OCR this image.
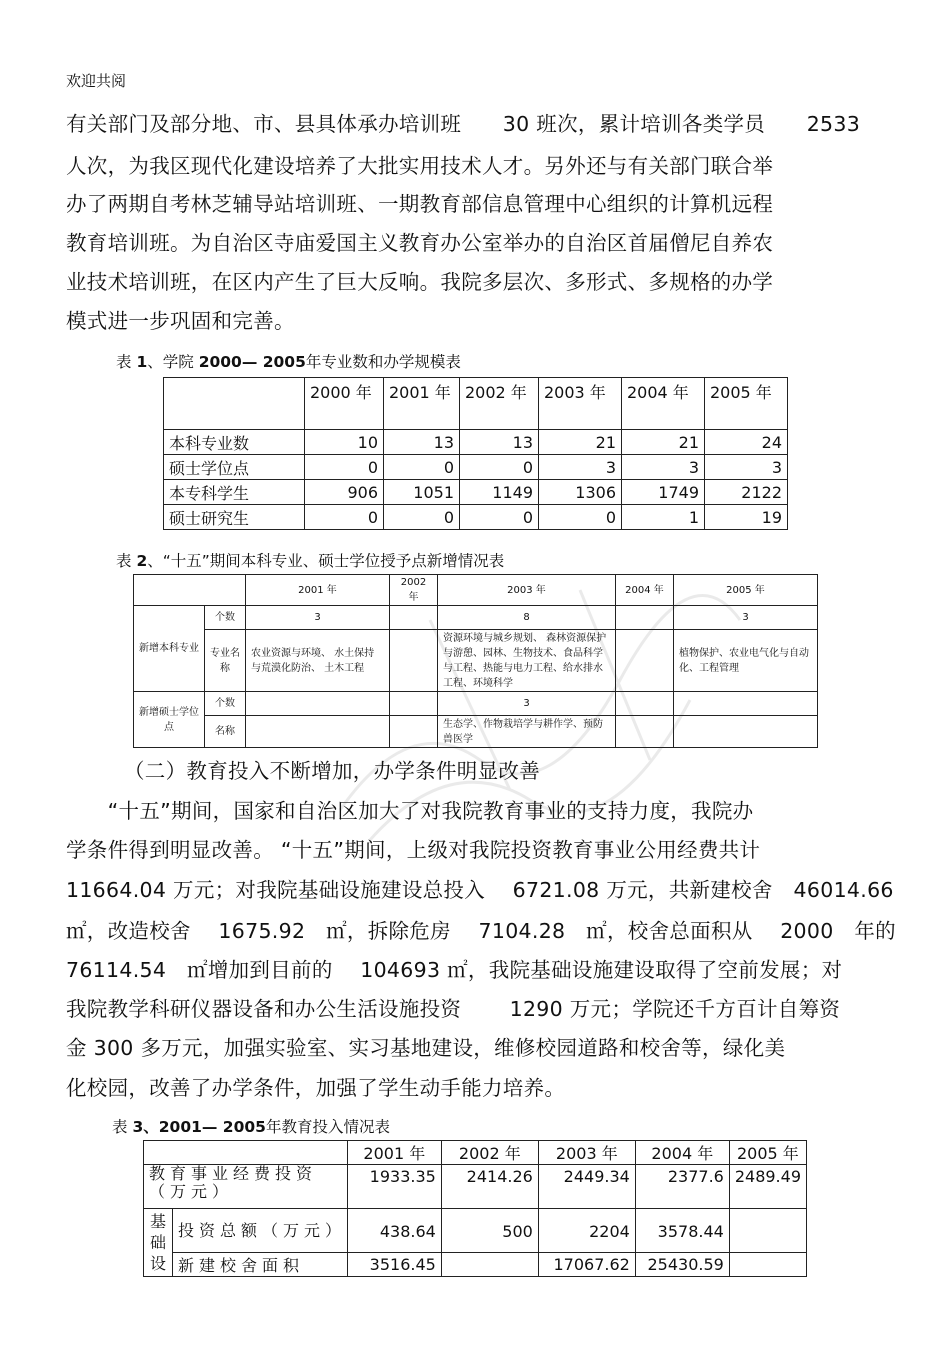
欢迎共阅
有关部门及部分地、市、县具体承办培训班　　30 班次，累计培训各类学员　　2533
人次，为我区现代化建设培养了大批实用技术人才。另外还与有关部门联合举
办了两期自考林芝辅导站培训班、一期教育部信息管理中心组织的计算机远程
教育培训班。为自治区寺庙爱国主义教育办公室举办的自治区首届僧尼自养农
业技术培训班，在区内产生了巨大反响。我院多层次、多形式、多规格的办学
模式进一步巩固和完善。
表 1、学院 2000— 2005年专业数和办学规模表
	2000 年	2001 年	2002 年	2003 年	2004 年	2005 年
本科专业数	10	13	13	21	21	24
硕士学位点	0	0	0	3	3	3
本专科学生	906	1051	1149	1306	1749	2122
硕士研究生	0	0	0	0	1	19
表 2、“十五”期间本科专业、硕士学位授予点新增情况表
		2001 年	2002 年	2003 年	2004 年	2005 年
新增本科专业	个数	3		8		3
	专业名称	农业资源与环境、 水土保持与荒漠化防治、 土木工程		资源环境与城乡规划、 森林资源保护与游憩、园林、生物技术、食品科学与工程、热能与电力工程、给水排水工程、环境科学		植物保护、农业电气化与自动化、工程管理
新增硕士学位点	个数			3		
	名称			生态学、作物栽培学与耕作学、预防兽医学		
（二）教育投入不断增加，办学条件明显改善
　　“十五”期间，国家和自治区加大了对我院教育事业的支持力度，我院办
学条件得到明显改善。 “十五”期间，上级对我院投资教育事业公用经费共计
11664.04 万元；对我院基础设施建设总投入　 6721.08 万元，共新建校舍　46014.66
㎡，改造校舍　 1675.92　㎡，拆除危房　 7104.28　㎡，校舍总面积从　 2000　年的
76114.54　㎡增加到目前的　 104693 ㎡，我院基础设施建设取得了空前发展；对
我院教学科研仪器设备和办公生活设施投资　　 1290 万元；学院还千方百计自筹资
金 300 多万元，加强实验室、实习基地建设，维修校园道路和校舍等，绿化美
化校园，改善了办学条件，加强了学生动手能力培养。
表 3、2001— 2005年教育投入情况表
		2001 年	2002 年	2003 年	2004 年	2005 年
教育事业经费投资（万元）		1933.35	2414.26	2449.34	2377.6	2489.49
基础设	投资总额（万元）	438.64	500	2204	3578.44	
	新建校舍面积	3516.45		17067.62	25430.59	
